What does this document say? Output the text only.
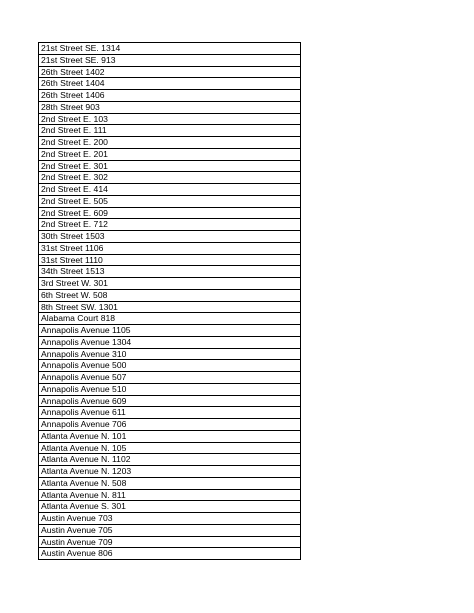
21st Street SE. 1314
21st Street SE. 913
26th Street 1402
26th Street 1404
26th Street 1406
28th Street 903
2nd Street E. 103
2nd Street E. 111
2nd Street E. 200
2nd Street E. 201
2nd Street E. 301
2nd Street E. 302
2nd Street E. 414
2nd Street E. 505
2nd Street E. 609
2nd Street E. 712
30th Street 1503
31st Street 1106
31st Street 1110
34th Street 1513
3rd Street W. 301
6th Street W. 508
8th Street SW. 1301
Alabama Court 818
Annapolis Avenue 1105
Annapolis Avenue 1304
Annapolis Avenue 310
Annapolis Avenue 500
Annapolis Avenue 507
Annapolis Avenue 510
Annapolis Avenue 609
Annapolis Avenue 611
Annapolis Avenue 706
Atlanta Avenue N. 101
Atlanta Avenue N. 105
Atlanta Avenue N. 1102
Atlanta Avenue N. 1203
Atlanta Avenue N. 508
Atlanta Avenue N. 811
Atlanta Avenue S. 301
Austin Avenue 703
Austin Avenue 705
Austin Avenue 709
Austin Avenue 806
